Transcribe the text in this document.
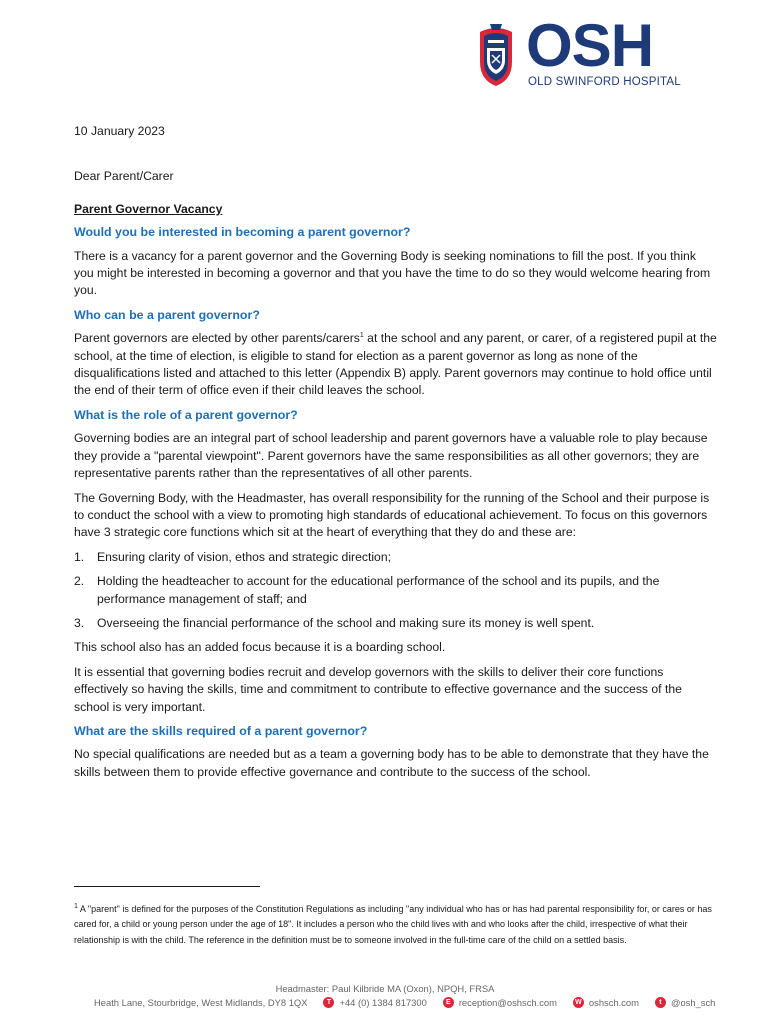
OSH
OLD SWINFORD HOSPITAL

10 January 2023

Dear Parent/Carer

Parent Governor Vacancy

Would you be interested in becoming a parent governor?

There is a vacancy for a parent governor and the Governing Body is seeking nominations to fill the post. If you think you might be interested in becoming a governor and that you have the time to do so they would welcome hearing from you.

Who can be a parent governor?

Parent governors are elected by other parents/carers$^1$ at the school and any parent, or carer, of a registered pupil at the school, at the time of election, is eligible to stand for election as a parent governor as long as none of the disqualifications listed and attached to this letter (Appendix B) apply. Parent governors may continue to hold office until the end of their term of office even if their child leaves the school.

What is the role of a parent governor?

Governing bodies are an integral part of school leadership and parent governors have a valuable role to play because they provide a "parental viewpoint". Parent governors have the same responsibilities as all other governors; they are representative parents rather than the representatives of all other parents.

The Governing Body, with the Headmaster, has overall responsibility for the running of the School and their purpose is to conduct the school with a view to promoting high standards of educational achievement. To focus on this governors have 3 strategic core functions which sit at the heart of everything that they do and these are:

1.	Ensuring clarity of vision, ethos and strategic direction;
2.	Holding the headteacher to account for the educational performance of the school and its pupils, and the performance management of staff; and
3.	Overseeing the financial performance of the school and making sure its money is well spent.

This school also has an added focus because it is a boarding school.

It is essential that governing bodies recruit and develop governors with the skills to deliver their core functions effectively so having the skills, time and commitment to contribute to effective governance and the success of the school is very important.

What are the skills required of a parent governor?

No special qualifications are needed but as a team a governing body has to be able to demonstrate that they have the skills between them to provide effective governance and contribute to the success of the school.

$^1$ A "parent" is defined for the purposes of the Constitution Regulations as including "any individual who has or has had parental responsibility for, or cares or has cared for, a child or young person under the age of 18". It includes a person who the child lives with and who looks after the child, irrespective of what their relationship is with the child. The reference in the definition must be to someone involved in the full-time care of the child on a settled basis.
Headmaster: Paul Kilbride MA (Oxon), NPQH, FRSA
Heath Lane, Stourbridge, West Midlands, DY8 1QX	T +44 (0) 1384 817300	E reception@oshsch.com	W oshsch.com	t @osh_sch
